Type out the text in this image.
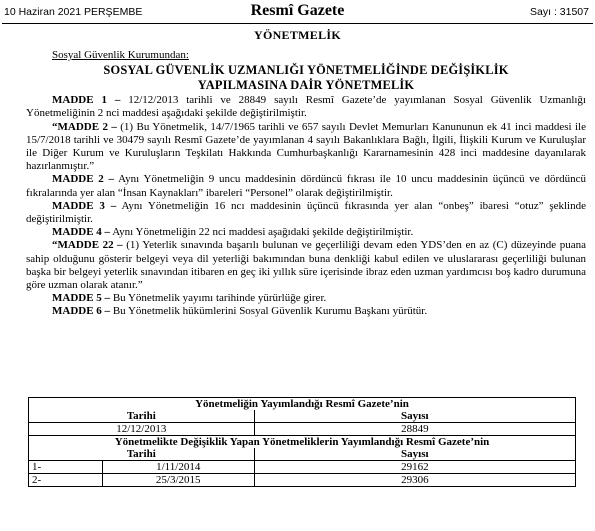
10 Haziran 2021 PERŞEMBE	Resmî Gazete	Sayı : 31507
YÖNETMELİK
Sosyal Güvenlik Kurumundan:
SOSYAL GÜVENLİK UZMANLIĞI YÖNETMELİĞİNDE DEĞİŞİKLİK
YAPILMASINA DAİR YÖNETMELİK

MADDE 1 – 12/12/2013 tarihli ve 28849 sayılı Resmî Gazete’de yayımlanan Sosyal Güvenlik Uzmanlığı Yönetmeliğinin 2 nci maddesi aşağıdaki şekilde değiştirilmiştir.

“MADDE 2 – (1) Bu Yönetmelik, 14/7/1965 tarihli ve 657 sayılı Devlet Memurları Kanununun ek 41 inci maddesi ile 15/7/2018 tarihli ve 30479 sayılı Resmî Gazete’de yayımlanan 4 sayılı Bakanlıklara Bağlı, İlgili, İlişkili Kurum ve Kuruluşlar ile Diğer Kurum ve Kuruluşların Teşkilatı Hakkında Cumhurbaşkanlığı Kararnamesinin 428 inci maddesine dayanılarak hazırlanmıştır.”

MADDE 2 – Aynı Yönetmeliğin 9 uncu maddesinin dördüncü fıkrası ile 10 uncu maddesinin üçüncü ve dördüncü fıkralarında yer alan “İnsan Kaynakları” ibareleri “Personel” olarak değiştirilmiştir.

MADDE 3 – Aynı Yönetmeliğin 16 ncı maddesinin üçüncü fıkrasında yer alan “onbeş” ibaresi “otuz” şeklinde değiştirilmiştir.

MADDE 4 – Aynı Yönetmeliğin 22 nci maddesi aşağıdaki şekilde değiştirilmiştir.

“MADDE 22 – (1) Yeterlik sınavında başarılı bulunan ve geçerliliği devam eden YDS’den en az (C) düzeyinde puana sahip olduğunu gösterir belgeyi veya dil yeterliği bakımından buna denkliği kabul edilen ve uluslararası geçerliliği bulunan başka bir belgeyi yeterlik sınavından itibaren en geç iki yıllık süre içerisinde ibraz eden uzman yardımcısı boş kadro durumuna göre uzman olarak atanır.”

MADDE 5 – Bu Yönetmelik yayımı tarihinde yürürlüğe girer.

MADDE 6 – Bu Yönetmelik hükümlerini Sosyal Güvenlik Kurumu Başkanı yürütür.

Yönetmeliğin Yayımlandığı Resmî Gazete’nin		
Tarihi		Sayısı
12/12/2013		28849
Yönetmelikte Değişiklik Yapan Yönetmeliklerin Yayımlandığı Resmî Gazete’nin		
Tarihi		Sayısı
1-	1/11/2014	29162
2-	25/3/2015	29306
